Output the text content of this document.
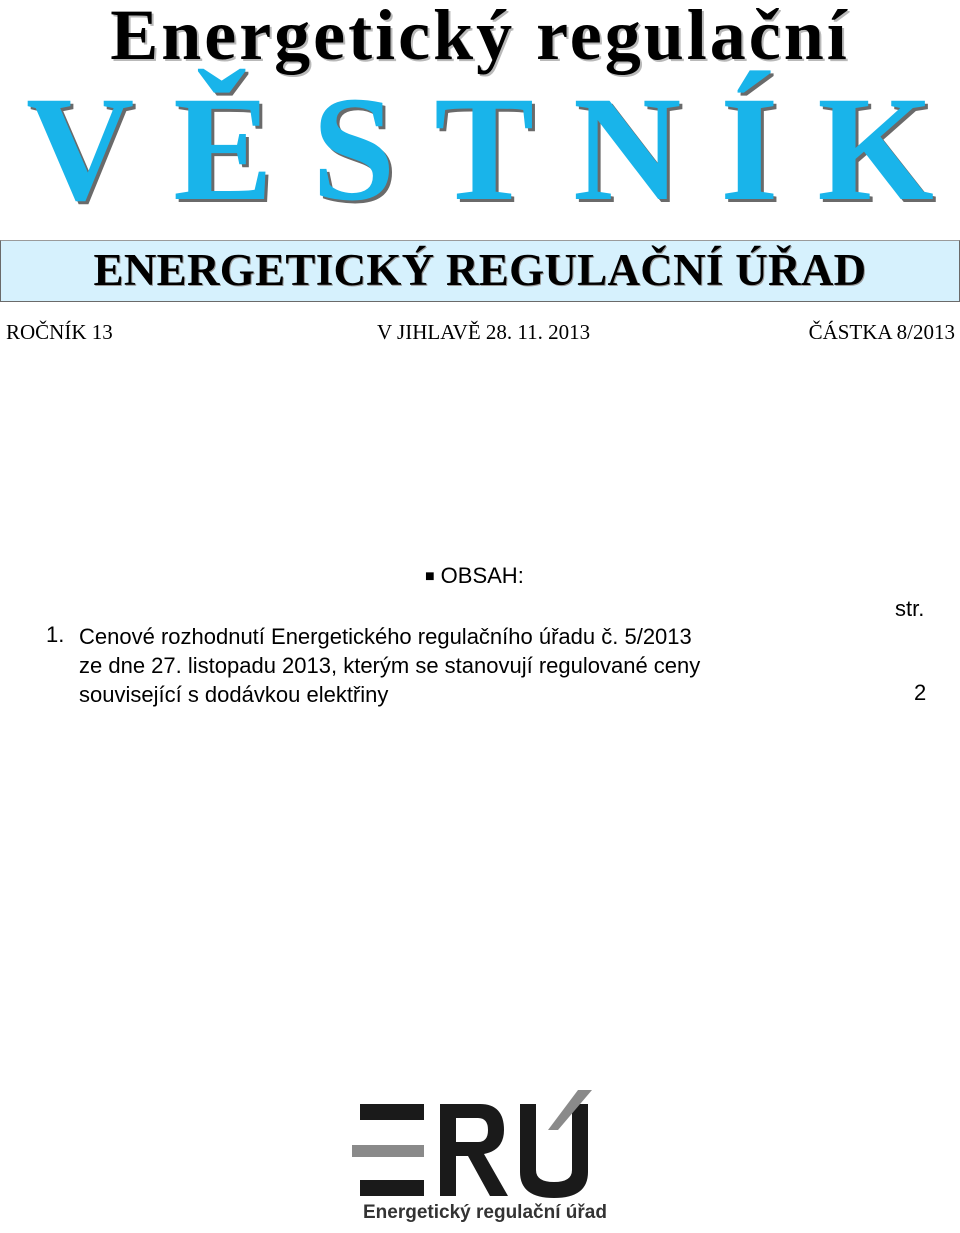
Energetický regulační
V Ě S T N Í K
ENERGETICKÝ REGULAČNÍ ÚŘAD
ROČNÍK 13	V JIHLAVĚ 28. 11. 2013	ČÁSTKA 8/2013
■ OBSAH:
str.
1. Cenové rozhodnutí Energetického regulačního úřadu č. 5/2013
ze dne 27. listopadu 2013, kterým se stanovují regulované ceny
související s dodávkou elektřiny	2
Energetický regulační úřad
